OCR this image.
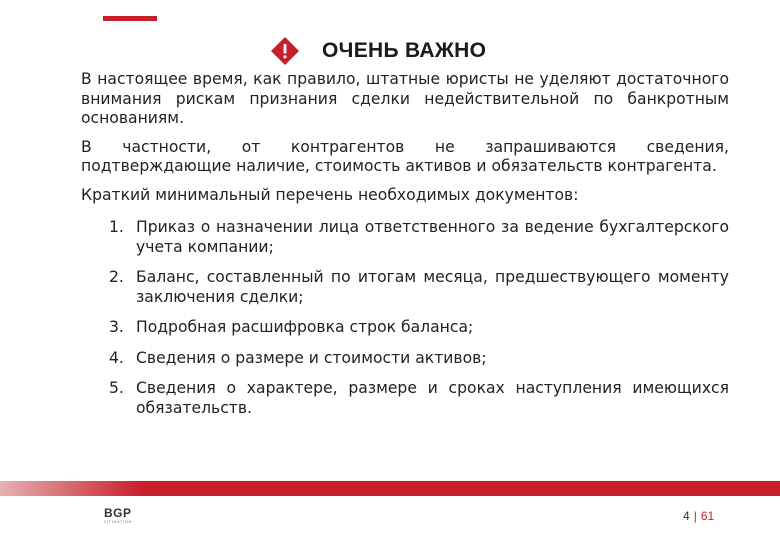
ОЧЕНЬ ВАЖНО

В настоящее время, как правило, штатные юристы не уделяют достаточного внимания рискам признания сделки недействительной по банкротным основаниям.

В частности, от контрагентов не запрашиваются сведения, подтверждающие наличие, стоимость активов и обязательств контрагента.

Краткий минимальный перечень необходимых документов:

1. Приказ о назначении лица ответственного за ведение бухгалтерского учета компании;
2. Баланс, составленный по итогам месяца, предшествующего моменту заключения сделки;
3. Подробная расшифровка строк баланса;
4. Сведения о размере и стоимости активов;
5. Сведения о характере, размере и сроках наступления имеющихся обязательств.
BGP
LITIGATION	4 | 61
